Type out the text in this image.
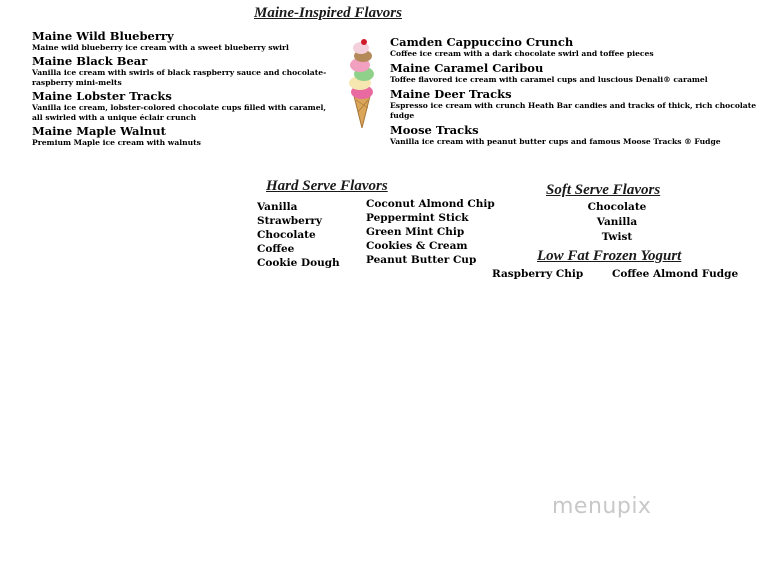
Maine-Inspired Flavors
Maine Wild Blueberry
Maine wild blueberry ice cream with a sweet blueberry swirl
Maine Black Bear
Vanilla ice cream with swirls of black raspberry sauce and chocolate-raspberry mini-melts
Maine Lobster Tracks
Vanilla ice cream, lobster-colored chocolate cups filled with caramel, all swirled with a unique éclair crunch
Maine Maple Walnut
Premium Maple ice cream with walnuts
Camden Cappuccino Crunch
Coffee ice cream with a dark chocolate swirl and toffee pieces
Maine Caramel Caribou
Toffee flavored ice cream with caramel cups and luscious Denali® caramel
Maine Deer Tracks
Espresso ice cream with crunch Heath Bar candies and tracks of thick, rich chocolate fudge
Moose Tracks
Vanilla ice cream with peanut butter cups and famous Moose Tracks ® Fudge
Hard Serve Flavors
Vanilla
Strawberry
Chocolate
Coffee
Cookie Dough
Coconut Almond Chip
Peppermint Stick
Green Mint Chip
Cookies & Cream
Peanut Butter Cup
Soft Serve Flavors
Chocolate
Vanilla
Twist
Low Fat Frozen Yogurt
Raspberry Chip	Coffee Almond Fudge
menupix
